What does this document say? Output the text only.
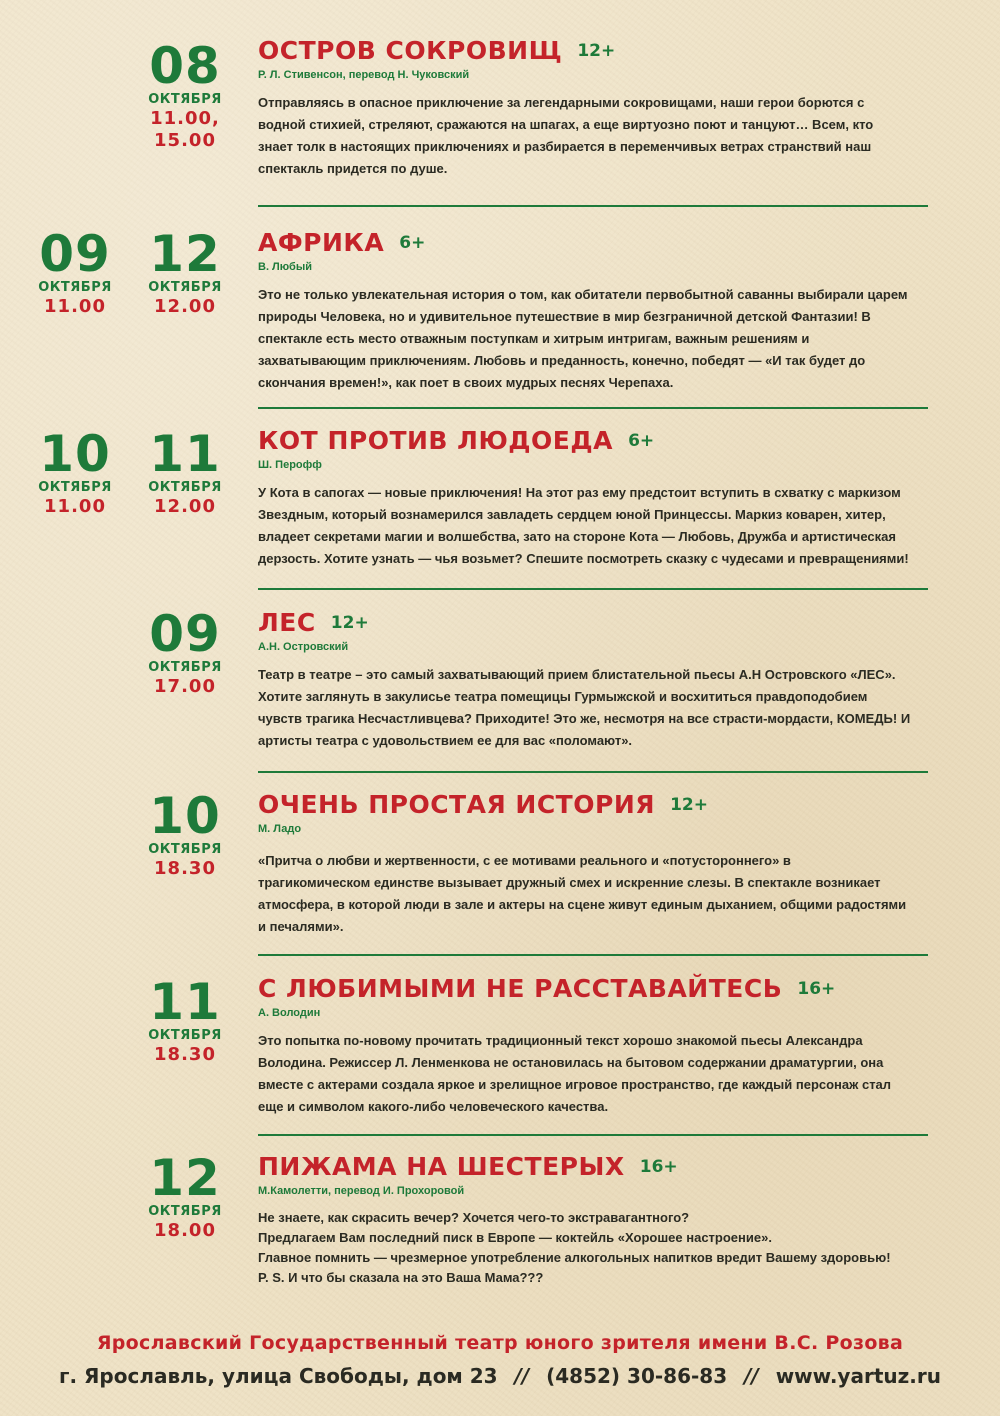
08
ОКТЯБРЯ
11.00, 15.00
ОСТРОВ СОКРОВИЩ 12+
Р. Л. Стивенсон, перевод Н. Чуковский

Отправляясь в опасное приключение за легендарными сокровищами, наши герои борются с
водной стихией, стреляют, сражаются на шпагах, а еще виртуозно поют и танцуют… Всем, кто
знает толк в настоящих приключениях и разбирается в переменчивых ветрах странствий наш
спектакль придется по душе.

09
ОКТЯБРЯ
11.00
12
ОКТЯБРЯ
12.00
АФРИКА 6+
В. Любый

Это не только увлекательная история о том, как обитатели первобытной саванны выбирали царем
природы Человека, но и удивительное путешествие в мир безграничной детской Фантазии! В
спектакле есть место отважным поступкам и хитрым интригам, важным решениям и
захватывающим приключениям. Любовь и преданность, конечно, победят — «И так будет до
скончания времен!», как поет в своих мудрых песнях Черепаха.

10
ОКТЯБРЯ
11.00
11
ОКТЯБРЯ
12.00
КОТ ПРОТИВ ЛЮДОЕДА 6+
Ш. Перофф

У Кота в сапогах — новые приключения! На этот раз ему предстоит вступить в схватку с маркизом
Звездным, который вознамерился завладеть сердцем юной Принцессы. Маркиз коварен, хитер,
владеет секретами магии и волшебства, зато на стороне Кота — Любовь, Дружба и артистическая
дерзость. Хотите узнать — чья возьмет? Спешите посмотреть сказку с чудесами и превращениями!

09
ОКТЯБРЯ
17.00
ЛЕС 12+
А.Н. Островский

Театр в театре – это самый захватывающий прием блистательной пьесы А.Н Островского «ЛЕС».
Хотите заглянуть в закулисье театра помещицы Гурмыжской и восхититься правдоподобием
чувств трагика Несчастливцева? Приходите! Это же, несмотря на все страсти-мордасти, КОМЕДЬ! И
артисты театра с удовольствием ее для вас «поломают».

10
ОКТЯБРЯ
18.30
ОЧЕНЬ ПРОСТАЯ ИСТОРИЯ 12+
М. Ладо

«Притча о любви и жертвенности, с ее мотивами реального и «потустороннего» в
трагикомическом единстве вызывает дружный смех и искренние слезы. В спектакле возникает
атмосфера, в которой люди в зале и актеры на сцене живут единым дыханием, общими радостями
и печалями».

11
ОКТЯБРЯ
18.30
С ЛЮБИМЫМИ НЕ РАССТАВАЙТЕСЬ 16+
А. Володин

Это попытка по-новому прочитать традиционный текст хорошо знакомой пьесы Александра
Володина. Режиссер Л. Ленменкова не остановилась на бытовом содержании драматургии, она
вместе с актерами создала яркое и зрелищное игровое пространство, где каждый персонаж стал
еще и символом какого-либо человеческого качества.

12
ОКТЯБРЯ
18.00
ПИЖАМА НА ШЕСТЕРЫХ 16+
М.Камолетти, перевод И. Прохоровой

Не знаете, как скрасить вечер? Хочется чего-то экстравагантного?
Предлагаем Вам последний писк в Европе — коктейль «Хорошее настроение».
Главное помнить — чрезмерное употребление алкогольных напитков вредит Вашему здоровью!
P. S. И что бы сказала на это Ваша Мама???

Ярославский Государственный театр юного зрителя имени В.С. Розова
г. Ярославль, улица Свободы, дом 23 // (4852) 30-86-83 // www.yartuz.ru
